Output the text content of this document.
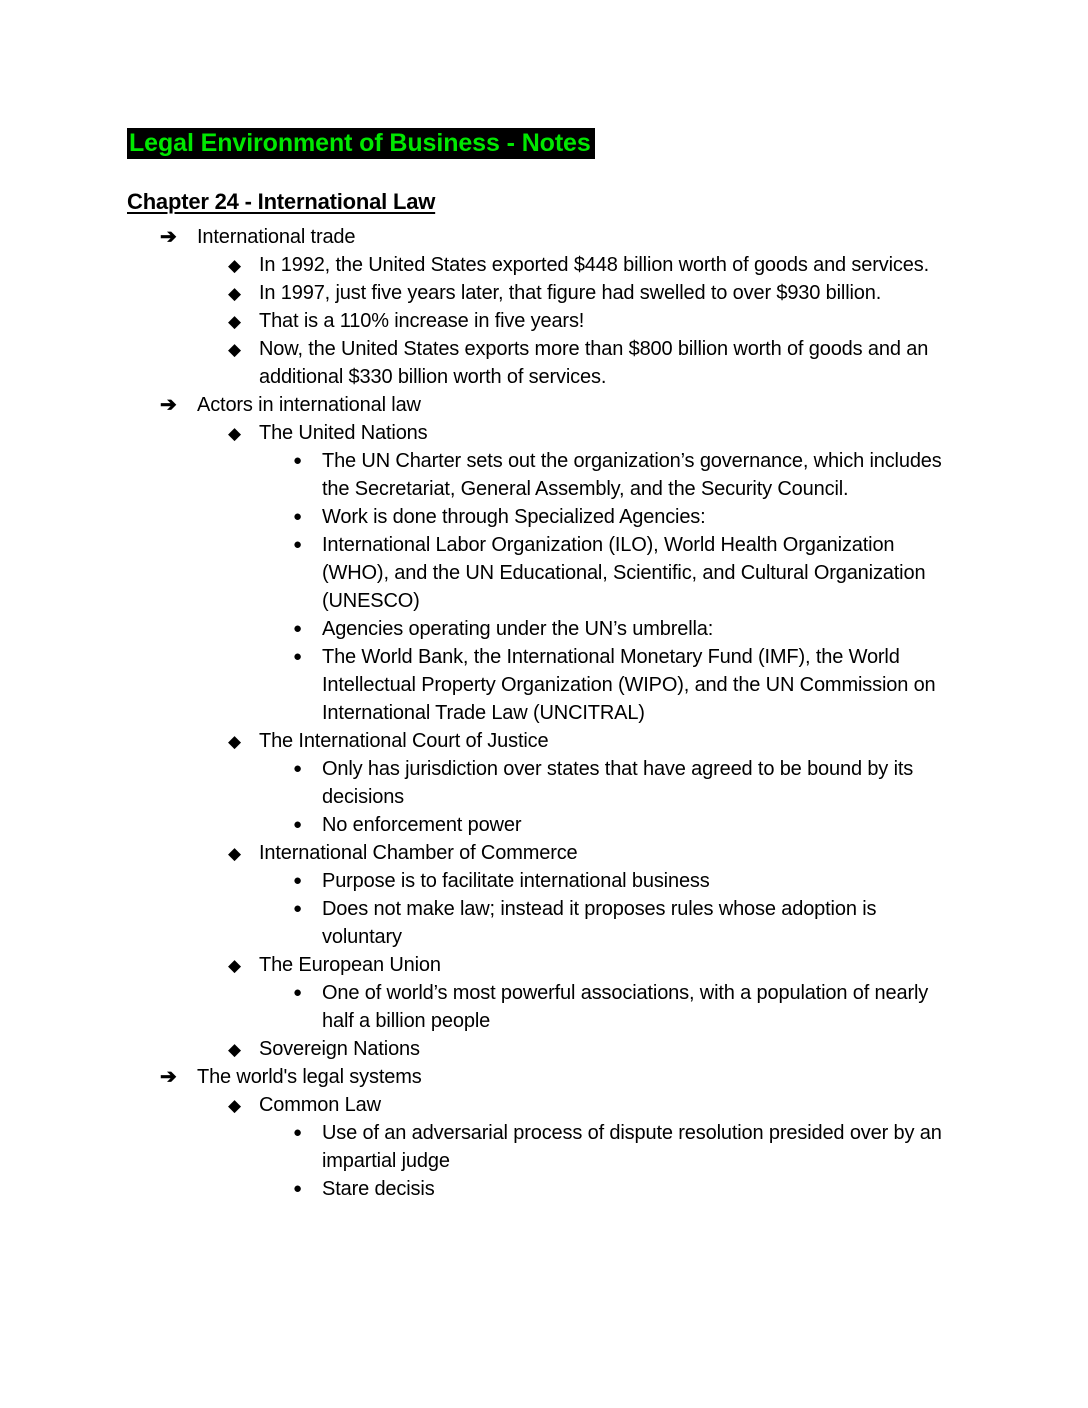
Legal Environment of Business - Notes
Chapter 24 - International Law
➔	International trade
◆ In 1992, the United States exported $448 billion worth of goods and services.
◆ In 1997, just five years later, that figure had swelled to over $930 billion.
◆ That is a 110% increase in five years!
◆ Now, the United States exports more than $800 billion worth of goods and an additional $330 billion worth of services.
➔	Actors in international law
◆ The United Nations
●	The UN Charter sets out the organization’s governance, which includes the Secretariat, General Assembly, and the Security Council.
●	Work is done through Specialized Agencies:
●	International Labor Organization (ILO), World Health Organization (WHO), and the UN Educational, Scientific, and Cultural Organization (UNESCO)
●	Agencies operating under the UN’s umbrella:
●	The World Bank, the International Monetary Fund (IMF), the World Intellectual Property Organization (WIPO), and the UN Commission on International Trade Law (UNCITRAL)
◆ The International Court of Justice
●	Only has jurisdiction over states that have agreed to be bound by its decisions
●	No enforcement power
◆ International Chamber of Commerce
●	Purpose is to facilitate international business
●	Does not make law; instead it proposes rules whose adoption is voluntary
◆ The European Union
●	One of world’s most powerful associations, with a population of nearly half a billion people
◆ Sovereign Nations
➔	The world's legal systems
◆ Common Law
●	Use of an adversarial process of dispute resolution presided over by an impartial judge
●	Stare decisis
